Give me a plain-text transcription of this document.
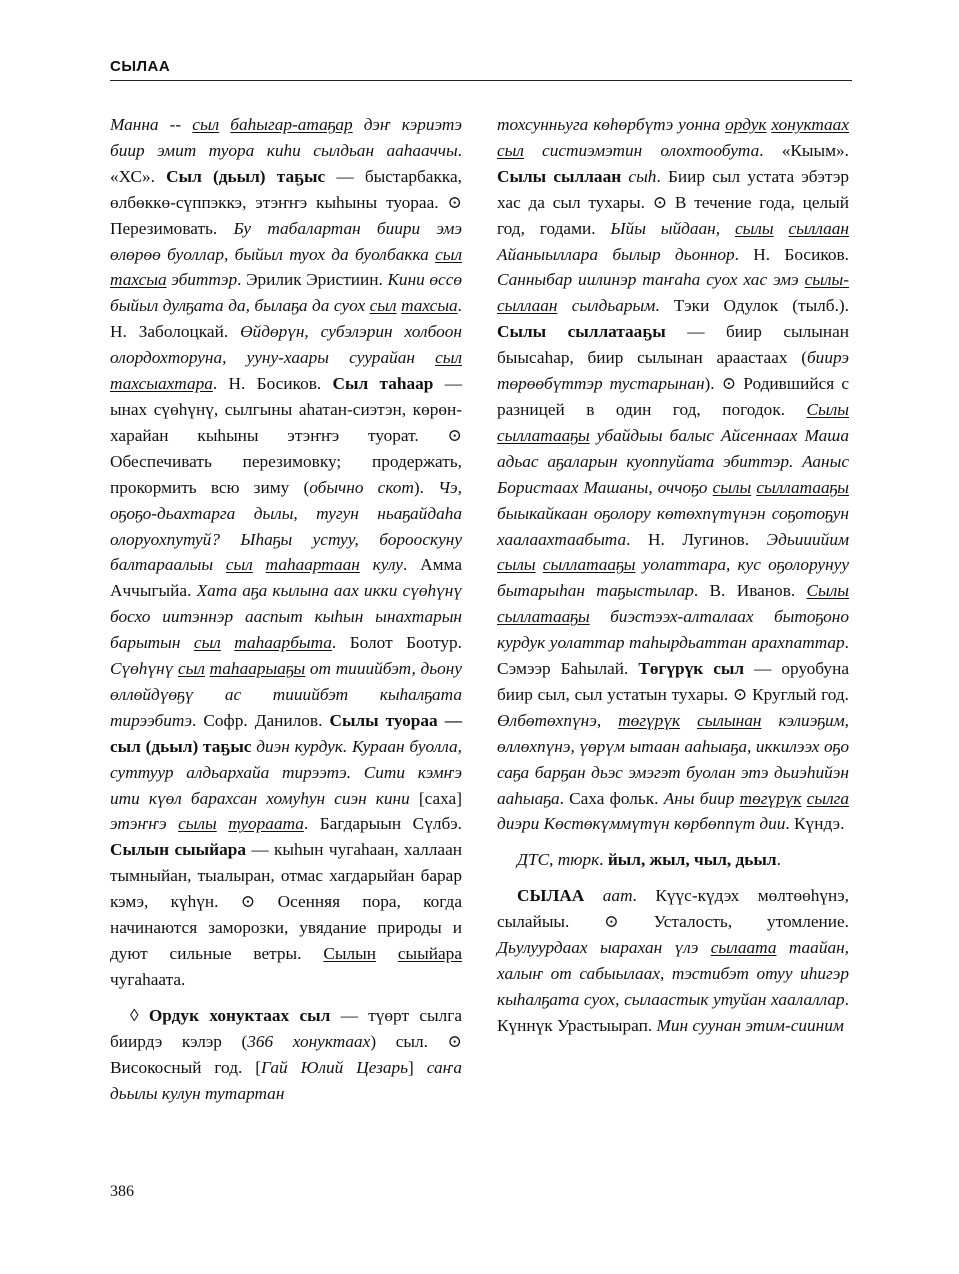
СЫЛАА

Манна -- сыл баһыгар-атаҕар дэҥ кэриэтэ биир эмит туора киһи сылдьан ааһааччы. «ХС». Сыл (дьыл) таҕыс — быстарбакка, өлбөккө-сүппэккэ, этэҥҥэ кыһыны туораа. ⊙ Перезимовать. Бу табалартан биири эмэ өлөрөө буоллар, быйыл туох да буолбакка сыл тахсыа эбиттэр. Эрилик Эристиин. Кини өссө быйыл дулҕата да, былаҕа да суох сыл тахсыа. Н. Заболоцкай. Өйдөрүн, субэлэрин холбоон олордохторуна, ууну-хаары суурайан сыл тахсыахтара. Н. Босиков. Сыл таһаар — ынах сүөһүнү, сылгыны аһатан-сиэтэн, көрөн-харайан кыһыны этэҥҥэ туорат. ⊙ Обеспечивать перезимовку; продержать, прокормить всю зиму (обычно скот). Чэ, оҕоҕо-дьахтарга дылы, тугун ньаҕайдаһа олоруохпутуй? Ыһаҕы устуу, бороoскуну балтараалыы сыл таһаартаан кулу. Амма Аччыгыйа. Хата аҕа кылына аах икки сүөһүнү босхо иитэннэр ааспыт кыһын ынахтарын барытын сыл таһаарбыта. Болот Боотур. Сүөһүнү сыл таһаарыаҕы от тииийбэт, дьону өллөйдүөҕү ас тииийбэт кыһалҕата тирээбитэ. Софр. Данилов. Сылы туораа — сыл (дьыл) таҕыс диэн курдук. Кураан буолла, суттуур алдьархайа тирээтэ. Сити кэмҥэ ити күөл барахсан хомуһун сиэн кини [саха] этэҥҥэ сылы туораата. Багдарыын Сүлбэ. Сылын сыыйара — кыһын чугаһаан, халлаан тымныйан, тыалыран, отмас хагдарыйан барар кэмэ, күһүн. ⊙ Осенняя пора, когда начинаются заморозки, увядание природы и дуют сильные ветры. Сылын сыыйара чугаһаата.

◊ Ордук хонуктаах сыл — түөрт сылга биирдэ кэлэр (366 хонуктаах) сыл. ⊙ Високосный год. [Гай Юлий Цезарь] саҥа дьылы кулун тутартан

тохсунньуга көһөрбүтэ уонна ордук хонуктаах сыл систиэмэтин олохтообута. «Кыым». Сылы сыллаан сыһ. Биир сыл устата эбэтэр хас да сыл тухары. ⊙ В течение года, целый год, годами. Ыйы ыйдаан, сылы сыллаан Айаныыллара былыр дьоннор. Н. Босиков. Санныбар иилинэр таҥаһа суох хас эмэ сылы-сыллаан сылдьарым. Тэки Одулок (тылб.). Сылы сыллатааҕы — биир сылынан быысаһар, биир сылынан араастаах (биирэ төрөөбүттэр тустарынан). ⊙ Родившийся с разницей в один год, погодок. Сылы сыллатааҕы убайдыы балыс Айсеннаах Маша адьас аҕаларын куоппуйата эбиттэр. Ааныс Бористаах Машаны, оччоҕо сылы сыллатааҕы быыкайкаан оҕолору көтөхпүтүнэн соҕотоҕун хаалаахтаабыта. Н. Лугинов. Эдьииийим сылы сыллатааҕы уолаттара, кус оҕолорунуу бытарыһан таҕыстылар. В. Иванов. Сылы сыллатааҕы биэстээх-алталаах бытоҕоно курдук уолаттар таһырдьаттан арахпаттар. Сэмээр Баһылай. Төгүрүк сыл — оруобуна биир сыл, сыл устатын тухары. ⊙ Круглый год. Өлбөтөхпүнэ, төгүрүк сылынан кэлиэҕим, өллөхпүнэ, үөрүм ытаан ааһыаҕа, иккилээх оҕо саҕа барҕан дьэс эмэгэт буолан этэ дьиэһийэн ааһыаҕа. Саха фольк. Аны биир төгүрүк сылга диэри Көстөкүммүтүн көрбөппүт дии. Күндэ.

ДТС, тюрк. йыл, жыл, чыл, дьыл.

СЫЛАА аат. Күүс-күдэх мөлтөөһүнэ, сылайыы. ⊙ Усталость, утомление. Дьулуурдаах ыарахан үлэ сылаата таайан, халыҥ от сабыылаах, тэстибэт отуу иһигэр кыһалҕата суох, сылаастык утуйан хаалаллар. Күннүк Урастыырап. Мин суунан этим-сииним

386
